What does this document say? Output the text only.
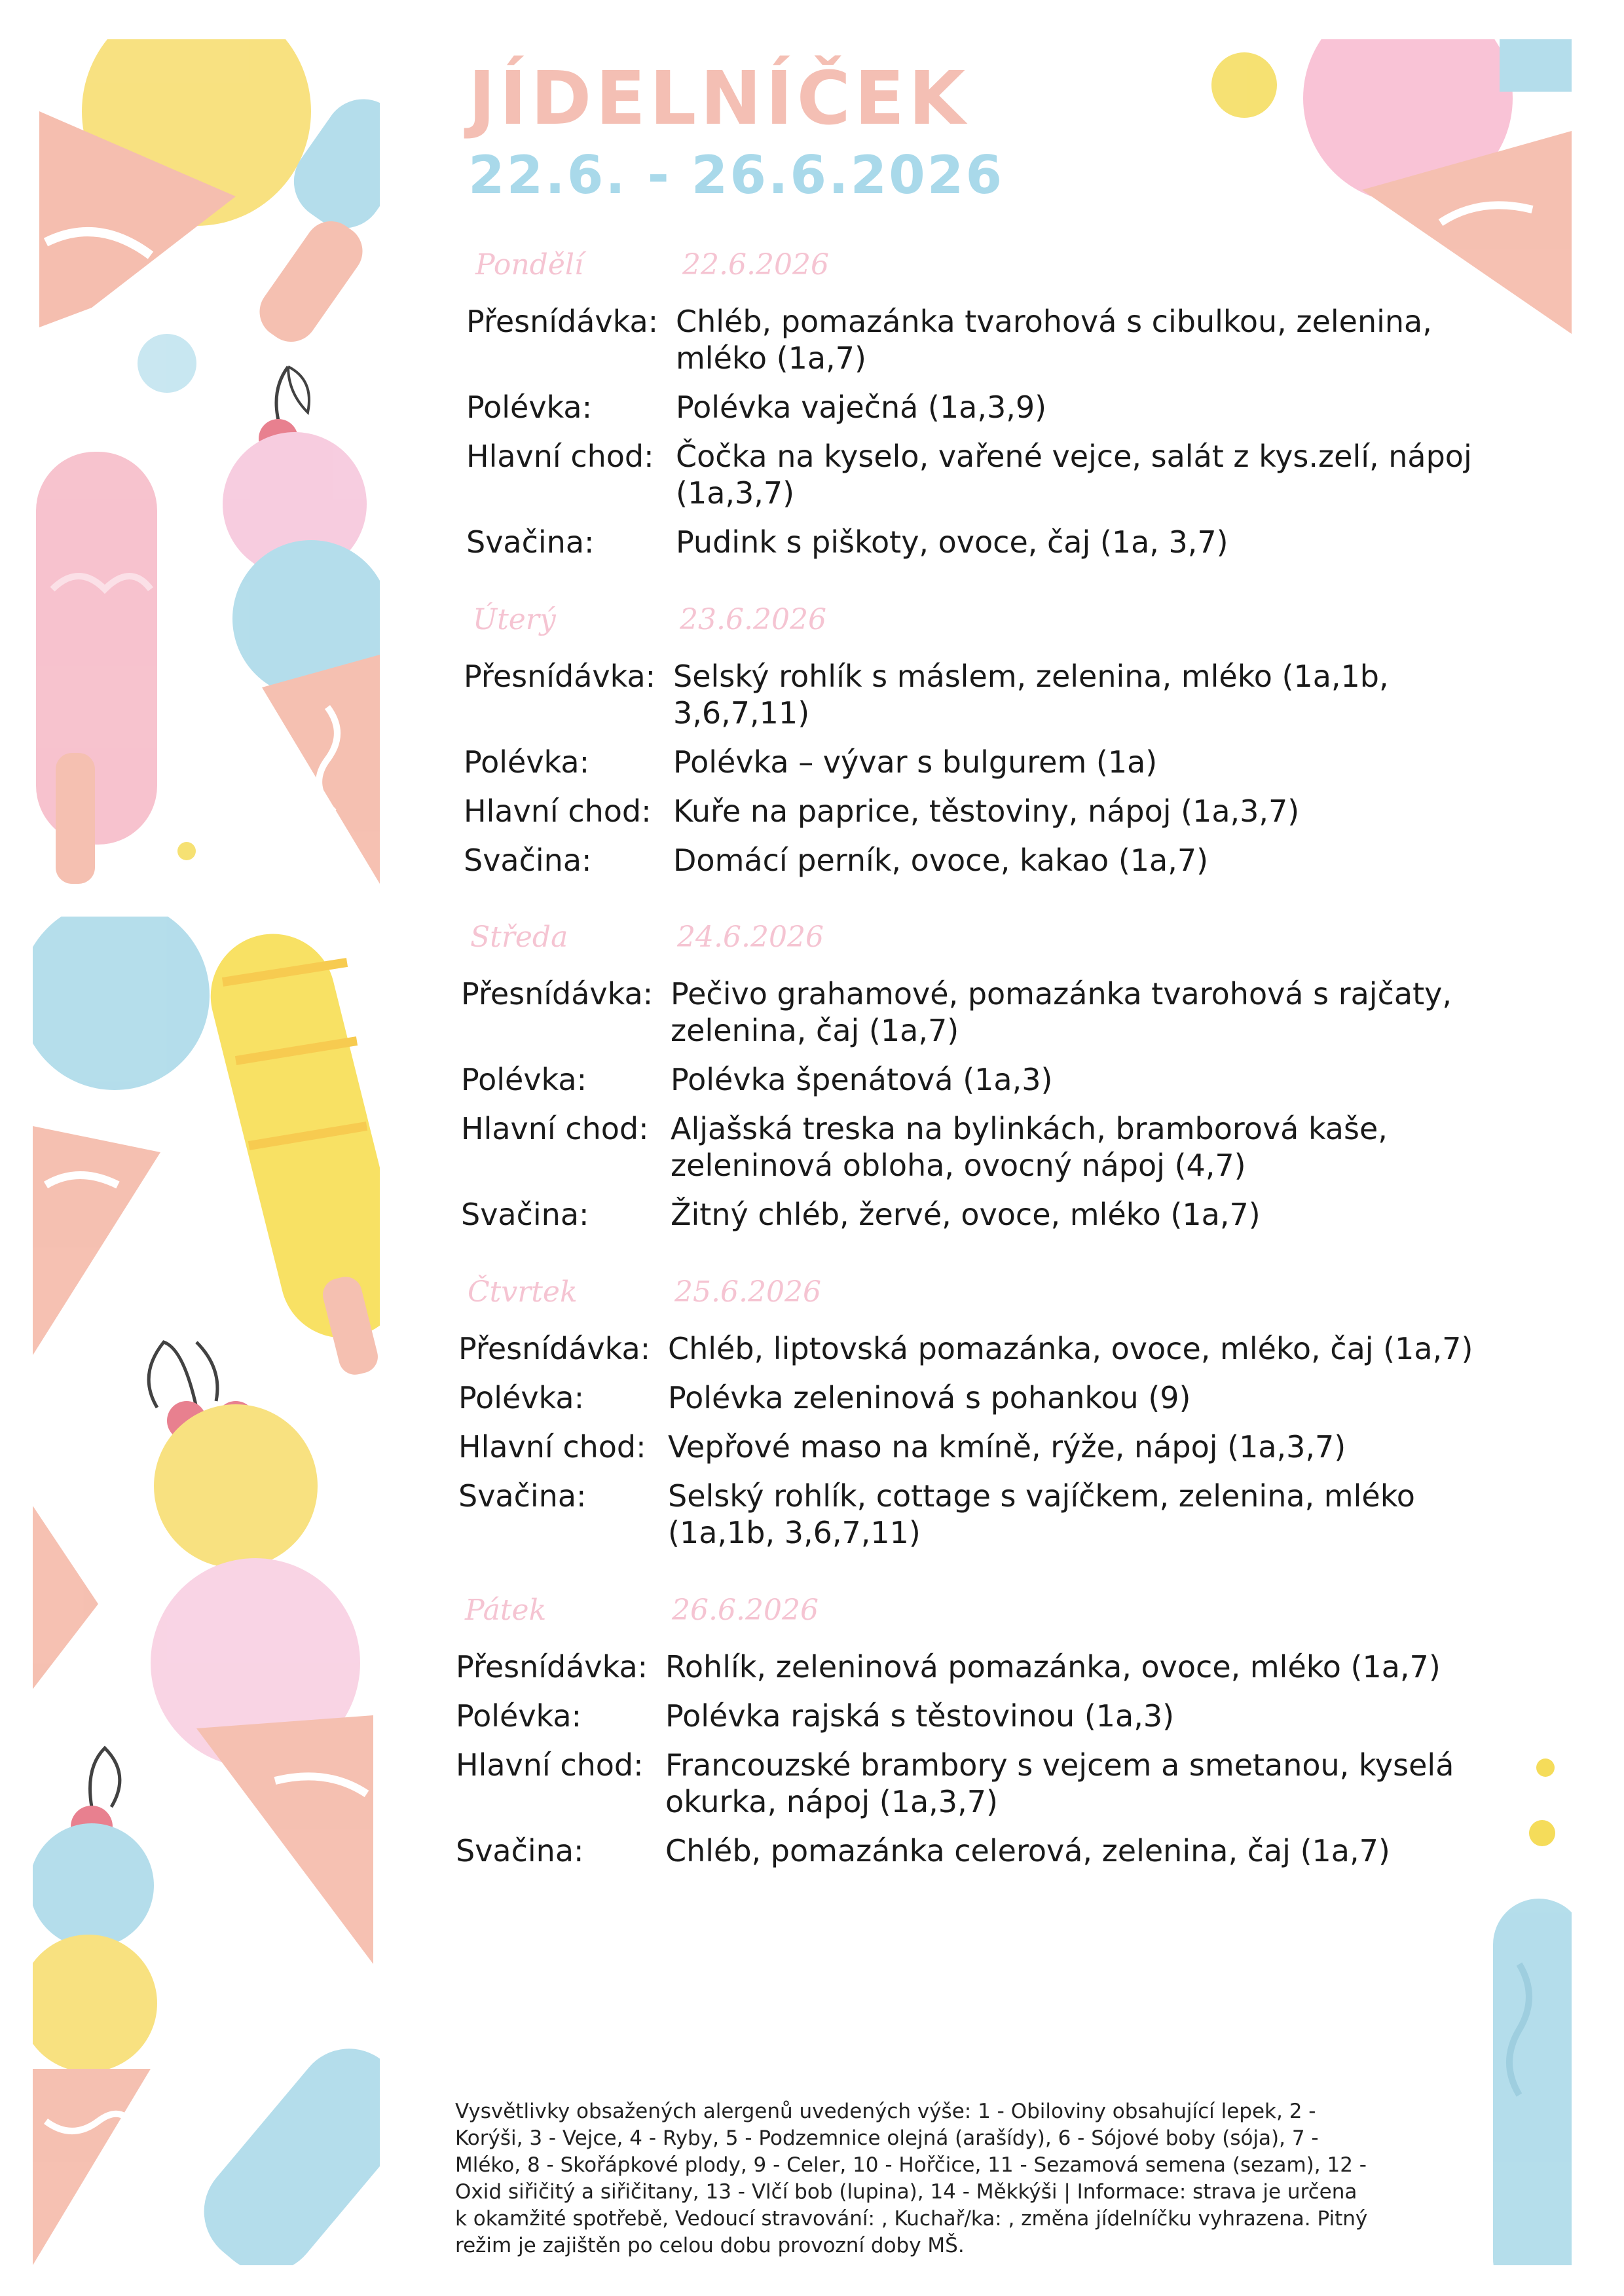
JÍDELNÍČEK
22.6. - 26.6.2026
Pondělí	22.6.2026
Přesnídávka: Chléb, pomazánka tvarohová s cibulkou, zelenina, mléko (1a,7)
Polévka:	Polévka vaječná (1a,3,9)
Hlavní chod: Čočka na kyselo, vařené vejce, salát z kys.zelí, nápoj (1a,3,7)
Svačina:	Pudink s piškoty, ovoce, čaj (1a, 3,7)
Úterý	23.6.2026
Přesnídávka: Selský rohlík s máslem, zelenina, mléko (1a,1b, 3,6,7,11)
Polévka:	Polévka – vývar s bulgurem (1a)
Hlavní chod: Kuře na paprice, těstoviny, nápoj (1a,3,7)
Svačina:	Domácí perník, ovoce, kakao (1a,7)
Středa	24.6.2026
Přesnídávka: Pečivo grahamové, pomazánka tvarohová s rajčaty, zelenina, čaj (1a,7)
Polévka:	Polévka špenátová (1a,3)
Hlavní chod: Aljašská treska na bylinkách, bramborová kaše, zeleninová obloha, ovocný nápoj (4,7)
Svačina:	Žitný chléb, žervé, ovoce, mléko (1a,7)
Čtvrtek	25.6.2026
Přesnídávka: Chléb, liptovská pomazánka, ovoce, mléko, čaj (1a,7)
Polévka:	Polévka zeleninová s pohankou (9)
Hlavní chod: Vepřové maso na kmíně, rýže, nápoj (1a,3,7)
Svačina:	Selský rohlík, cottage s vajíčkem, zelenina, mléko (1a,1b, 3,6,7,11)
Pátek	26.6.2026
Přesnídávka: Rohlík, zeleninová pomazánka, ovoce, mléko (1a,7)
Polévka:	Polévka rajská s těstovinou (1a,3)
Hlavní chod: Francouzské brambory s vejcem a smetanou, kyselá okurka, nápoj (1a,3,7)
Svačina:	Chléb, pomazánka celerová, zelenina, čaj (1a,7)
Vysvětlivky obsažených alergenů uvedených výše: 1 - Obiloviny obsahující lepek, 2 - Korýši, 3 - Vejce, 4 - Ryby, 5 - Podzemnice olejná (arašídy), 6 - Sójové boby (sója), 7 - Mléko, 8 - Skořápkové plody, 9 - Celer, 10 - Hořčice, 11 - Sezamová semena (sezam), 12 - Oxid siřičitý a siřičitany, 13 - Vlčí bob (lupina), 14 - Měkkýši | Informace: strava je určena k okamžité spotřebě, Vedoucí stravování: , Kuchař/ka: , změna jídelníčku vyhrazena. Pitný režim je zajištěn po celou dobu provozní doby MŠ.
